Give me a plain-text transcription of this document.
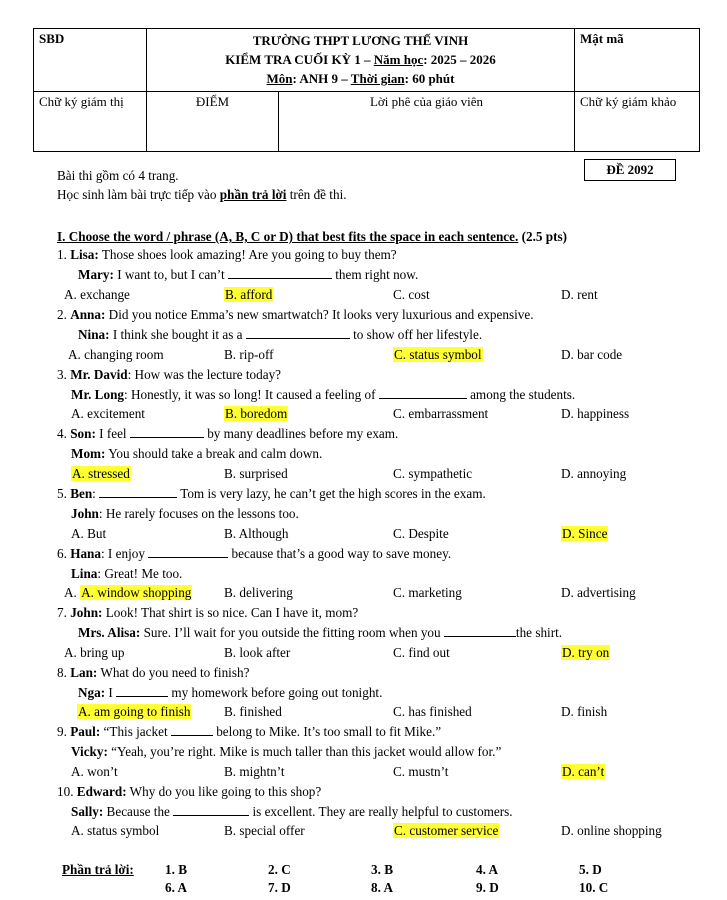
SBD	TRƯỜNG THPT LƯƠNG THẾ VINH
KIỂM TRA CUỐI KỲ 1 – Năm học: 2025 – 2026
Môn: ANH 9 – Thời gian: 60 phút		Mật mã
Chữ ký giám thị	ĐIỂM	Lời phê của giáo viên	Chữ ký giám khảo
ĐỀ 2092
Bài thi gồm có 4 trang.
Học sinh làm bài trực tiếp vào phần trả lời trên đề thi.
I. Choose the word / phrase (A, B, C or D) that best fits the space in each sentence. (2.5 pts)
1. Lisa: Those shoes look amazing! Are you going to buy them?
Mary: I want to, but I can’t	them right now.
A. exchange	B. afford	C. cost	D. rent
2. Anna: Did you notice Emma’s new smartwatch? It looks very luxurious and expensive.
Nina: I think she bought it as a	to show off her lifestyle.
A. changing room	B. rip-off	C. status symbol	D. bar code
3. Mr. David: How was the lecture today?
Mr. Long: Honestly, it was so long! It caused a feeling of	among the students.
A. excitement	B. boredom	C. embarrassment	D. happiness
4. Son: I feel	by many deadlines before my exam.
Mom: You should take a break and calm down.
A. stressed	B. surprised	C. sympathetic	D. annoying
5. Ben:	Tom is very lazy, he can’t get the high scores in the exam.
John: He rarely focuses on the lessons too.
A. But	B. Although	C. Despite	D. Since
6. Hana: I enjoy	because that’s a good way to save money.
Lina: Great! Me too.
A. A. window shopping B. delivering	C. marketing	D. advertising
7. John: Look! That shirt is so nice. Can I have it, mom?
Mrs. Alisa: Sure. I’ll wait for you outside the fitting room when you	the shirt.
A. bring up	B. look after	C. find out	D. try on
8. Lan: What do you need to finish?
Nga: I	my homework before going out tonight.
A. am going to finish	B. finished	C. has finished	D. finish
9. Paul: “This jacket	belong to Mike. It’s too small to fit Mike.”
Vicky: “Yeah, you’re right. Mike is much taller than this jacket would allow for.”
A. won’t	B. mightn’t	C. mustn’t	D. can’t
10. Edward: Why do you like going to this shop?
Sally: Because the	is excellent. They are really helpful to customers.
A. status symbol	B. special offer	C. customer service	D. online shopping
Phần trả lời: 1. B	2. C	3. B	4. A	5. D
6. A	7. D	8. A	9. D	10. C
